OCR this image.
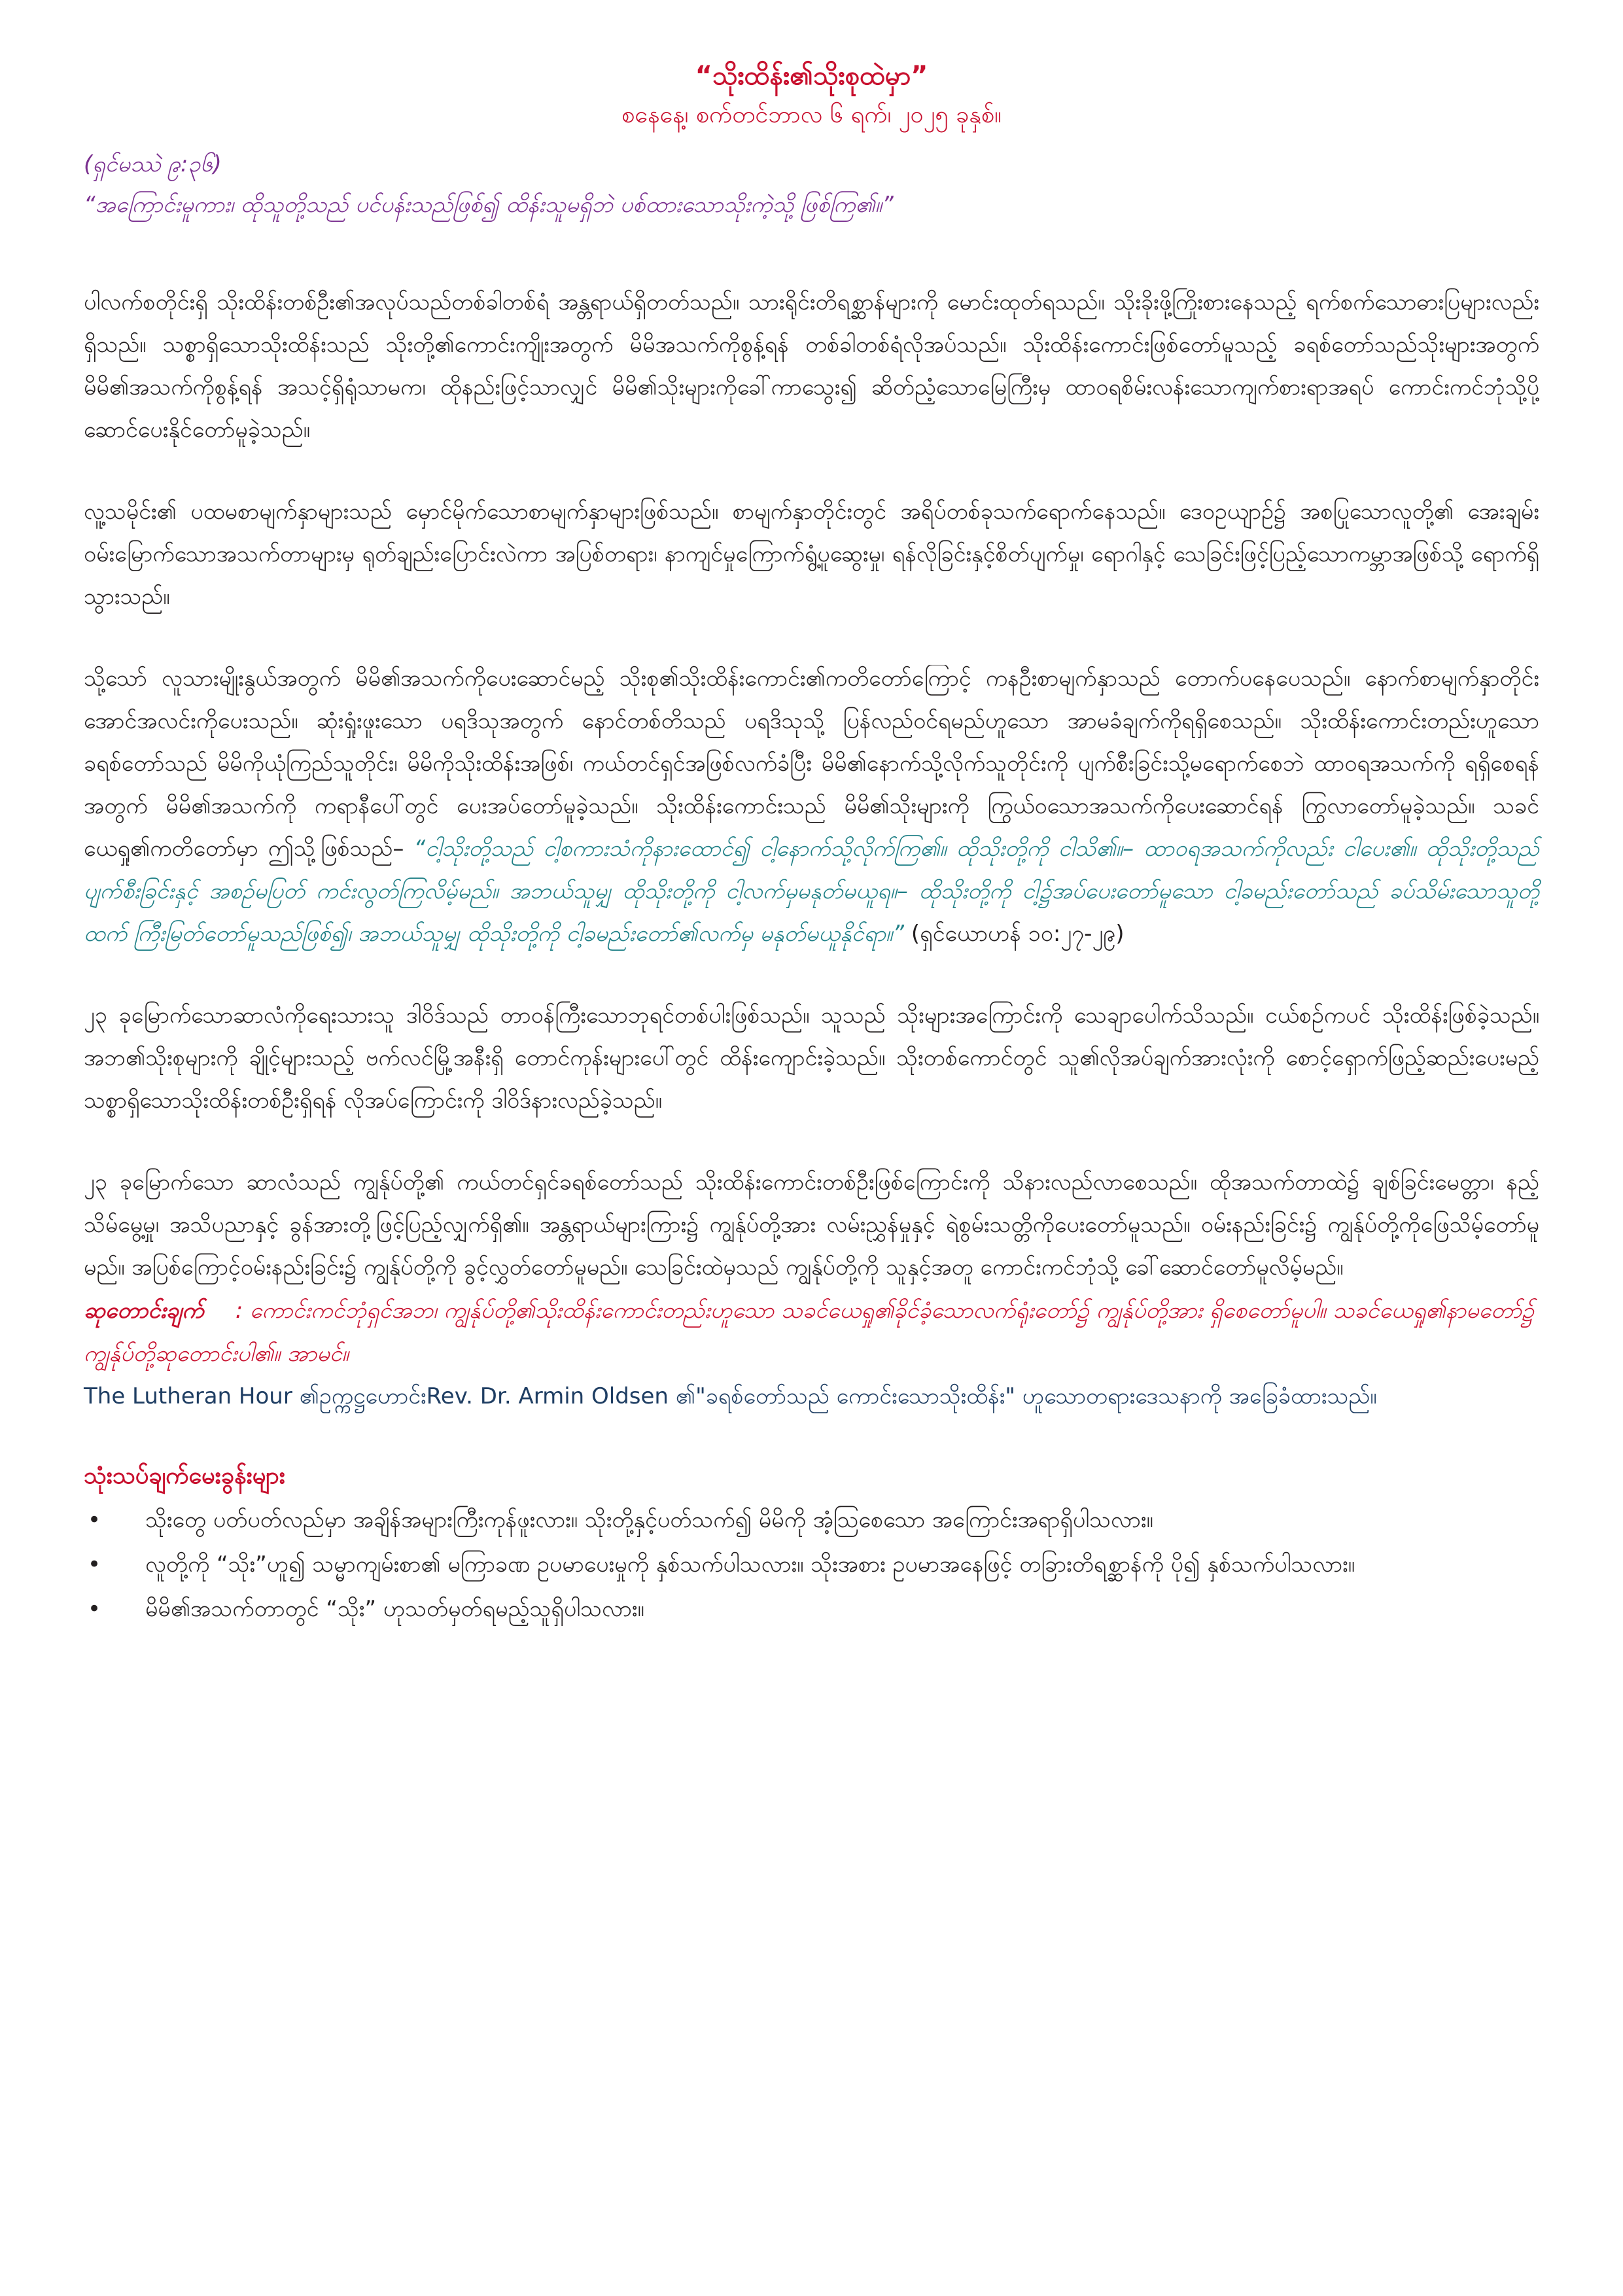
“သိုးထိန်း၏သိုးစုထဲမှာ”

စနေနေ့၊ စက်တင်ဘာလ ၆ ရက်၊ ၂၀၂၅ ခုနှစ်။

(ရှင်မဿဲ ၉:၃၆)

“အကြောင်းမူကား၊ ထိုသူတို့သည် ပင်ပန်းသည်ဖြစ်၍ ထိန်းသူမရှိဘဲ ပစ်ထားသောသိုးကဲ့သို့ ဖြစ်ကြ၏။”

ပါလက်စတိုင်းရှိ သိုးထိန်းတစ်ဦး၏အလုပ်သည်တစ်ခါတစ်ရံ အန္တရာယ်ရှိတတ်သည်။ သားရိုင်းတိရစ္ဆာန်များကို မောင်းထုတ်ရသည်။ သိုးခိုးဖို့ကြိုးစားနေသည့် ရက်စက်သောဓားပြများလည်းရှိသည်။ သစ္စာရှိသောသိုးထိန်းသည် သိုးတို့၏ကောင်းကျိုးအတွက် မိမိအသက်ကိုစွန့်ရန် တစ်ခါတစ်ရံလိုအပ်သည်။ သိုးထိန်းကောင်းဖြစ်တော်မူသည့် ခရစ်တော်သည်သိုးများအတွက် မိမိ၏အသက်ကိုစွန့်ရန် အသင့်ရှိရုံသာမက၊ ထိုနည်းဖြင့်သာလျှင် မိမိ၏သိုးများကိုခေါ်ကာသွေး၍ ဆိတ်ညံ့သောမြေကြီးမှ ထာဝရစိမ်းလန်းသောကျက်စားရာအရပ် ကောင်းကင်ဘုံသို့ပို့ ဆောင်ပေးနိုင်တော်မူခဲ့သည်။

လူ့သမိုင်း၏ ပထမစာမျက်နှာများသည် မှောင်မိုက်သောစာမျက်နှာများဖြစ်သည်။ စာမျက်နှာတိုင်းတွင် အရိပ်တစ်ခုသက်ရောက်နေသည်။ ဒေဝဥယျာဉ်၌ အစပြုသောလူတို့၏ အေးချမ်းဝမ်းမြောက်သောအသက်တာများမှ ရုတ်ချည်းပြောင်းလဲကာ အပြစ်တရား၊ နာကျင်မှုကြောက်ရွံ့ပူဆွေးမှု၊ ရန်လိုခြင်းနှင့်စိတ်ပျက်မှု၊ ရောဂါနှင့် သေခြင်းဖြင့်ပြည့်သောကမ္ဘာအဖြစ်သို့ ရောက်ရှိသွားသည်။

သို့သော် လူသားမျိုးနွယ်အတွက် မိမိ၏အသက်ကိုပေးဆောင်မည့် သိုးစု၏သိုးထိန်းကောင်း၏ကတိတော်ကြောင့် ကနဦးစာမျက်နှာသည် တောက်ပနေပေသည်။ နောက်စာမျက်နှာတိုင်းအောင်အလင်းကိုပေးသည်။ ဆုံးရှုံးဖူးသော ပရဒိသုအတွက် နောင်တစ်တိသည် ပရဒိသုသို့ ပြန်လည်ဝင်ရမည်ဟူသော အာမခံချက်ကိုရရှိစေသည်။ သိုးထိန်းကောင်းတည်းဟူသော ခရစ်တော်သည် မိမိကိုယုံကြည်သူတိုင်း၊ မိမိကိုသိုးထိန်းအဖြစ်၊ ကယ်တင်ရှင်အဖြစ်လက်ခံပြီး မိမိ၏နောက်သို့လိုက်သူတိုင်းကို ပျက်စီးခြင်းသို့မရောက်စေဘဲ ထာဝရအသက်ကို ရရှိစေရန်အတွက် မိမိ၏အသက်ကို ကရာနီပေါ်တွင် ပေးအပ်တော်မူခဲ့သည်။ သိုးထိန်းကောင်းသည် မိမိ၏သိုးများကို ကြွယ်ဝသောအသက်ကိုပေးဆောင်ရန် ကြွလာတော်မူခဲ့သည်။ သခင်ယေရှု၏ကတိတော်မှာ ဤသို့ဖြစ်သည်– “ငါ့သိုးတို့သည် ငါ့စကားသံကိုနားထောင်၍ ငါ့နောက်သို့လိုက်ကြ၏။ ထိုသိုးတို့ကို ငါသိ၏။– ထာဝရအသက်ကိုလည်း ငါပေး၏။ ထိုသိုးတို့သည် ပျက်စီးခြင်းနှင့် အစဉ်မပြတ် ကင်းလွတ်ကြလိမ့်မည်။ အဘယ်သူမျှ ထိုသိုးတို့ကို ငါ့လက်မှမနုတ်မယူရ။– ထိုသိုးတို့ကို ငါ့၌အပ်ပေးတော်မူသော ငါ့ခမည်းတော်သည် ခပ်သိမ်းသောသူတို့ထက် ကြီးမြတ်တော်မူသည်ဖြစ်၍၊ အဘယ်သူမျှ ထိုသိုးတို့ကို ငါ့ခမည်းတော်၏လက်မှ မနုတ်မယူနိုင်ရာ။” (ရှင်ယောဟန် ၁၀:၂၇-၂၉)

၂၃ ခုမြောက်သောဆာလံကိုရေးသားသူ ဒါဝိဒ်သည် တာဝန်ကြီးသောဘုရင်တစ်ပါးဖြစ်သည်။ သူသည် သိုးများအကြောင်းကို သေချာပေါက်သိသည်။ ငယ်စဉ်ကပင် သိုးထိန်းဖြစ်ခဲ့သည်။ အဘ၏သိုးစုများကို ချိုင့်များသည့် ဗက်လင်မြို့အနီးရှိ တောင်ကုန်းများပေါ်တွင် ထိန်းကျောင်းခဲ့သည်။ သိုးတစ်ကောင်တွင် သူ၏လိုအပ်ချက်အားလုံးကို စောင့်ရှောက်ဖြည့်ဆည်းပေးမည့် သစ္စာရှိသောသိုးထိန်းတစ်ဦးရှိရန် လိုအပ်ကြောင်းကို ဒါဝိဒ်နားလည်ခဲ့သည်။

၂၃ ခုမြောက်သော ဆာလံသည် ကျွန်ုပ်တို့၏ ကယ်တင်ရှင်ခရစ်တော်သည် သိုးထိန်းကောင်းတစ်ဦးဖြစ်ကြောင်းကို သိနားလည်လာစေသည်။ ထိုအသက်တာထဲ၌ ချစ်ခြင်းမေတ္တာ၊ နည့်သိမ်မွေ့မှု၊ အသိပညာနှင့် ခွန်အားတို့ဖြင့်ပြည့်လျှက်ရှိ၏။ အန္တရာယ်များကြား၌ ကျွန်ုပ်တို့အား လမ်းညွှန်မှုနှင့် ရဲစွမ်းသတ္တိကိုပေးတော်မူသည်။ ဝမ်းနည်းခြင်း၌ ကျွန်ုပ်တို့ကိုဖြေသိမ့်တော်မူမည်။ အပြစ်ကြောင့်ဝမ်းနည်းခြင်း၌ ကျွန်ုပ်တို့ကို ခွင့်လွှတ်တော်မူမည်။ သေခြင်းထဲမှသည် ကျွန်ုပ်တို့ကို သူနှင့်အတူ ကောင်းကင်ဘုံသို့ ခေါ်ဆောင်တော်မူလိမ့်မည်။

ဆုတောင်းချက် : ကောင်းကင်ဘုံရှင်အဘ၊ ကျွန်ုပ်တို့၏သိုးထိန်းကောင်းတည်းဟူသော သခင်ယေရှု၏ခိုင်ခံ့သောလက်ရုံးတော်၌ ကျွန်ုပ်တို့အား ရှိစေတော်မူပါ။ သခင်ယေရှု၏နာမတော်၌ ကျွန်ုပ်တို့ဆုတောင်းပါ၏။ အာမင်။

The Lutheran Hour ၏ဥက္ကဋ္ဌဟောင်းRev. Dr. Armin Oldsen ၏"ခရစ်တော်သည် ကောင်းသောသိုးထိန်း" ဟူသောတရားဒေသနာကို အခြေခံထားသည်။

သုံးသပ်ချက်မေးခွန်းများ
• သိုးတွေ ပတ်ပတ်လည်မှာ အချိန်အများကြီးကုန်ဖူးလား။ သိုးတို့နှင့်ပတ်သက်၍ မိမိကို အံ့သြစေသော အကြောင်းအရာရှိပါသလား။
• လူတို့ကို “သိုး”ဟူ၍ သမ္မာကျမ်းစာ၏ မကြာခဏ ဥပမာပေးမှုကို နှစ်သက်ပါသလား။ သိုးအစား ဥပမာအနေဖြင့် တခြားတိရစ္ဆာန်ကို ပို၍ နှစ်သက်ပါသလား။
• မိမိ၏အသက်တာတွင် “သိုး” ဟုသတ်မှတ်ရမည့်သူရှိပါသလား။
